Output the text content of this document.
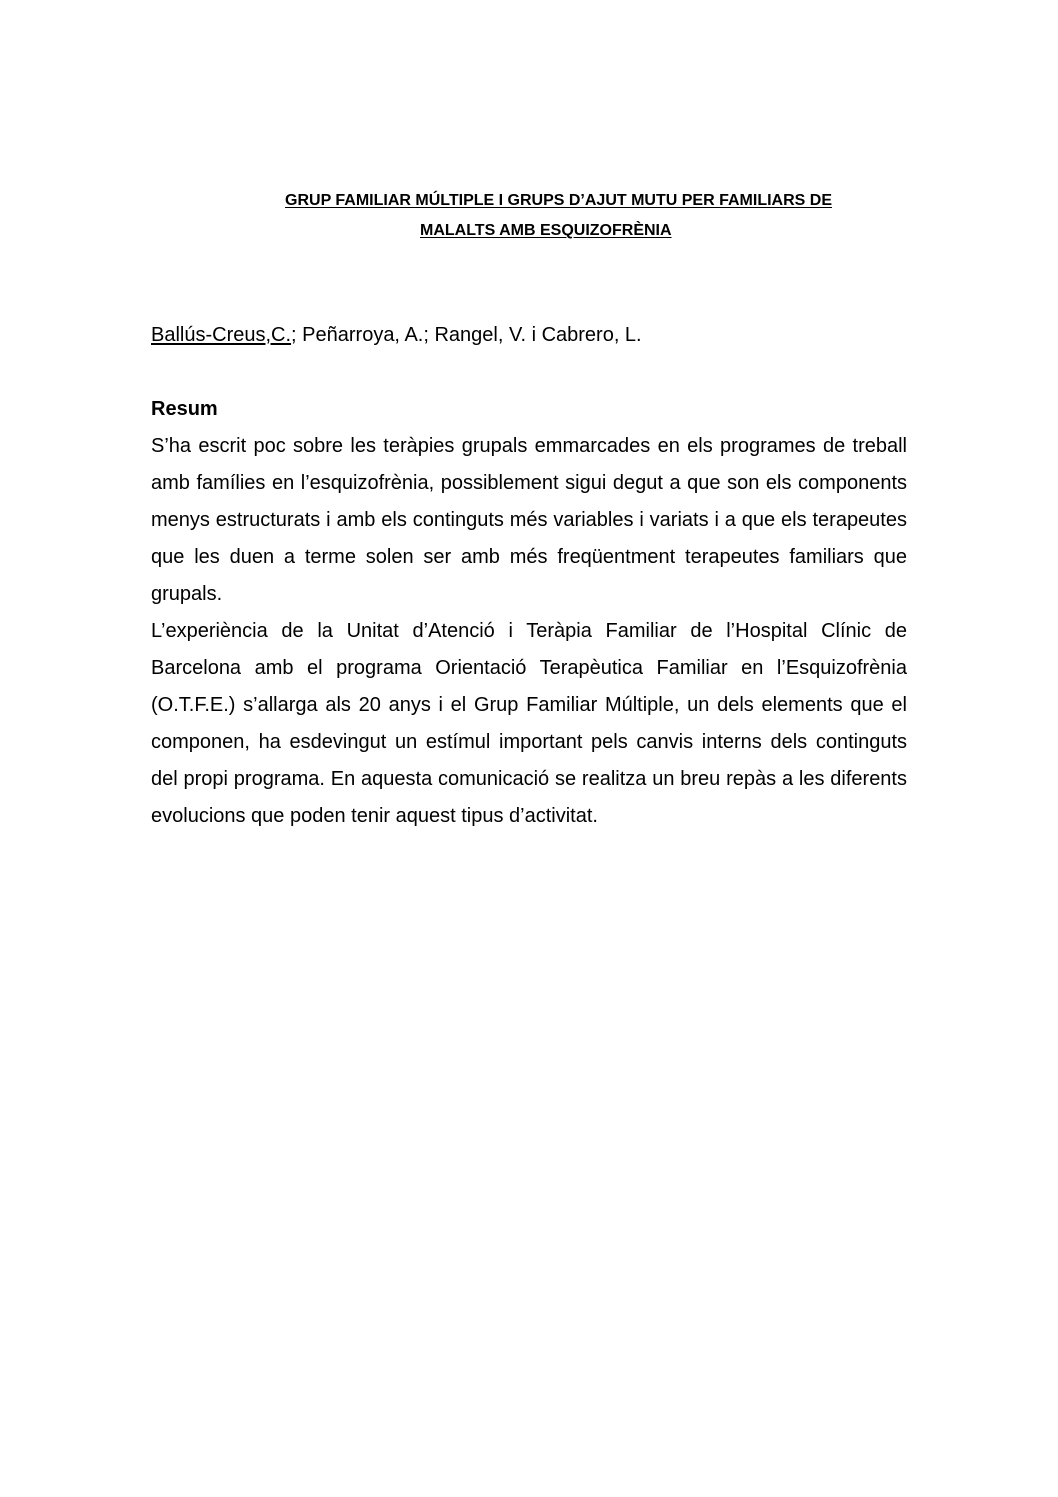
GRUP FAMILIAR MÚLTIPLE I GRUPS D’AJUT MUTU PER FAMILIARS DE
MALALTS AMB ESQUIZOFRÈNIA
Ballús-Creus,C.; Peñarroya, A.; Rangel, V. i Cabrero, L.
Resum

S’ha escrit poc sobre les teràpies grupals emmarcades en els programes de treball amb famílies en l’esquizofrènia, possiblement sigui degut a que son els components menys estructurats i amb els continguts més variables i variats i a que els terapeutes que les duen a terme solen ser amb més freqüentment terapeutes familiars que grupals.

L’experiència de la Unitat d’Atenció i Teràpia Familiar de l’Hospital Clínic de Barcelona amb el programa Orientació Terapèutica Familiar en l’Esquizofrènia (O.T.F.E.) s’allarga als 20 anys i el Grup Familiar Múltiple, un dels elements que el componen, ha esdevingut un estímul important pels canvis interns dels continguts del propi programa. En aquesta comunicació se realitza un breu repàs a les diferents evolucions que poden tenir aquest tipus d’activitat.
